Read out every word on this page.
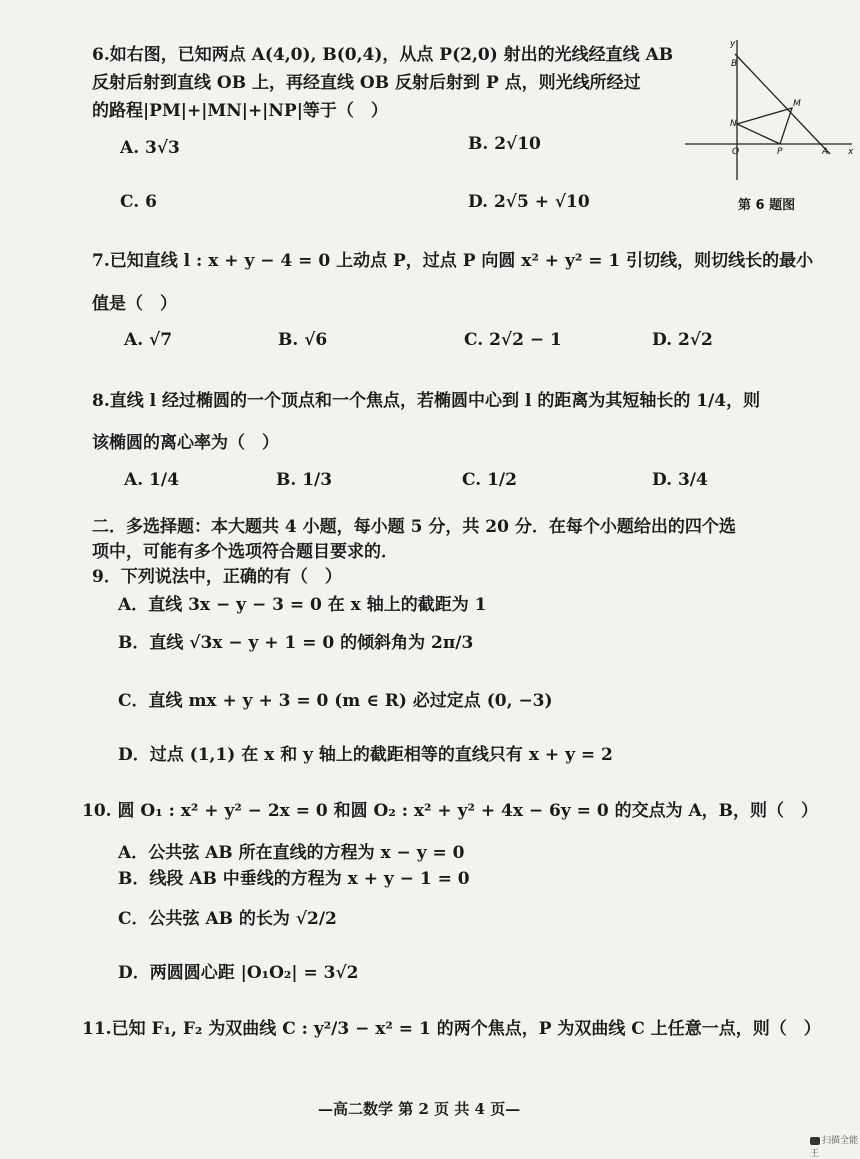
6.如右图，已知两点 A(4,0), B(0,4)，从点 P(2,0) 射出的光线经直线 AB
反射后射到直线 OB 上，再经直线 OB 反射后射到 P 点，则光线所经过
的路程|PM|+|MN|+|NP|等于（　）
A. 3√3	B. 2√10
C. 6	D. 2√5 + √10
y
B
M
N
O	P	A x
第 6 题图
7.已知直线 l : x + y − 4 = 0 上动点 P，过点 P 向圆 x² + y² = 1 引切线，则切线长的最小
值是（　）
A. √7	B. √6	C. 2√2 − 1	D. 2√2
8.直线 l 经过椭圆的一个顶点和一个焦点，若椭圆中心到 l 的距离为其短轴长的 1/4，则
该椭圆的离心率为（　）
A. 1/4	B. 1/3	C. 1/2	D. 3/4
二．多选择题：本大题共 4 小题，每小题 5 分，共 20 分．在每个小题给出的四个选
项中，可能有多个选项符合题目要求的．
9．下列说法中，正确的有（　）
A．直线 3x − y − 3 = 0 在 x 轴上的截距为 1
B．直线 √3x − y + 1 = 0 的倾斜角为 2π/3
C．直线 mx + y + 3 = 0 (m ∈ R) 必过定点 (0, −3)
D．过点 (1,1) 在 x 和 y 轴上的截距相等的直线只有 x + y = 2
10. 圆 O₁ : x² + y² − 2x = 0 和圆 O₂ : x² + y² + 4x − 6y = 0 的交点为 A，B，则（　）
A．公共弦 AB 所在直线的方程为 x − y = 0
B．线段 AB 中垂线的方程为 x + y − 1 = 0
C．公共弦 AB 的长为 √2/2
D．两圆圆心距 |O₁O₂| = 3√2
11.已知 F₁, F₂ 为双曲线 C : y²/3 − x² = 1 的两个焦点，P 为双曲线 C 上任意一点，则（　）
—高二数学 第 2 页 共 4 页—
扫描全能王
